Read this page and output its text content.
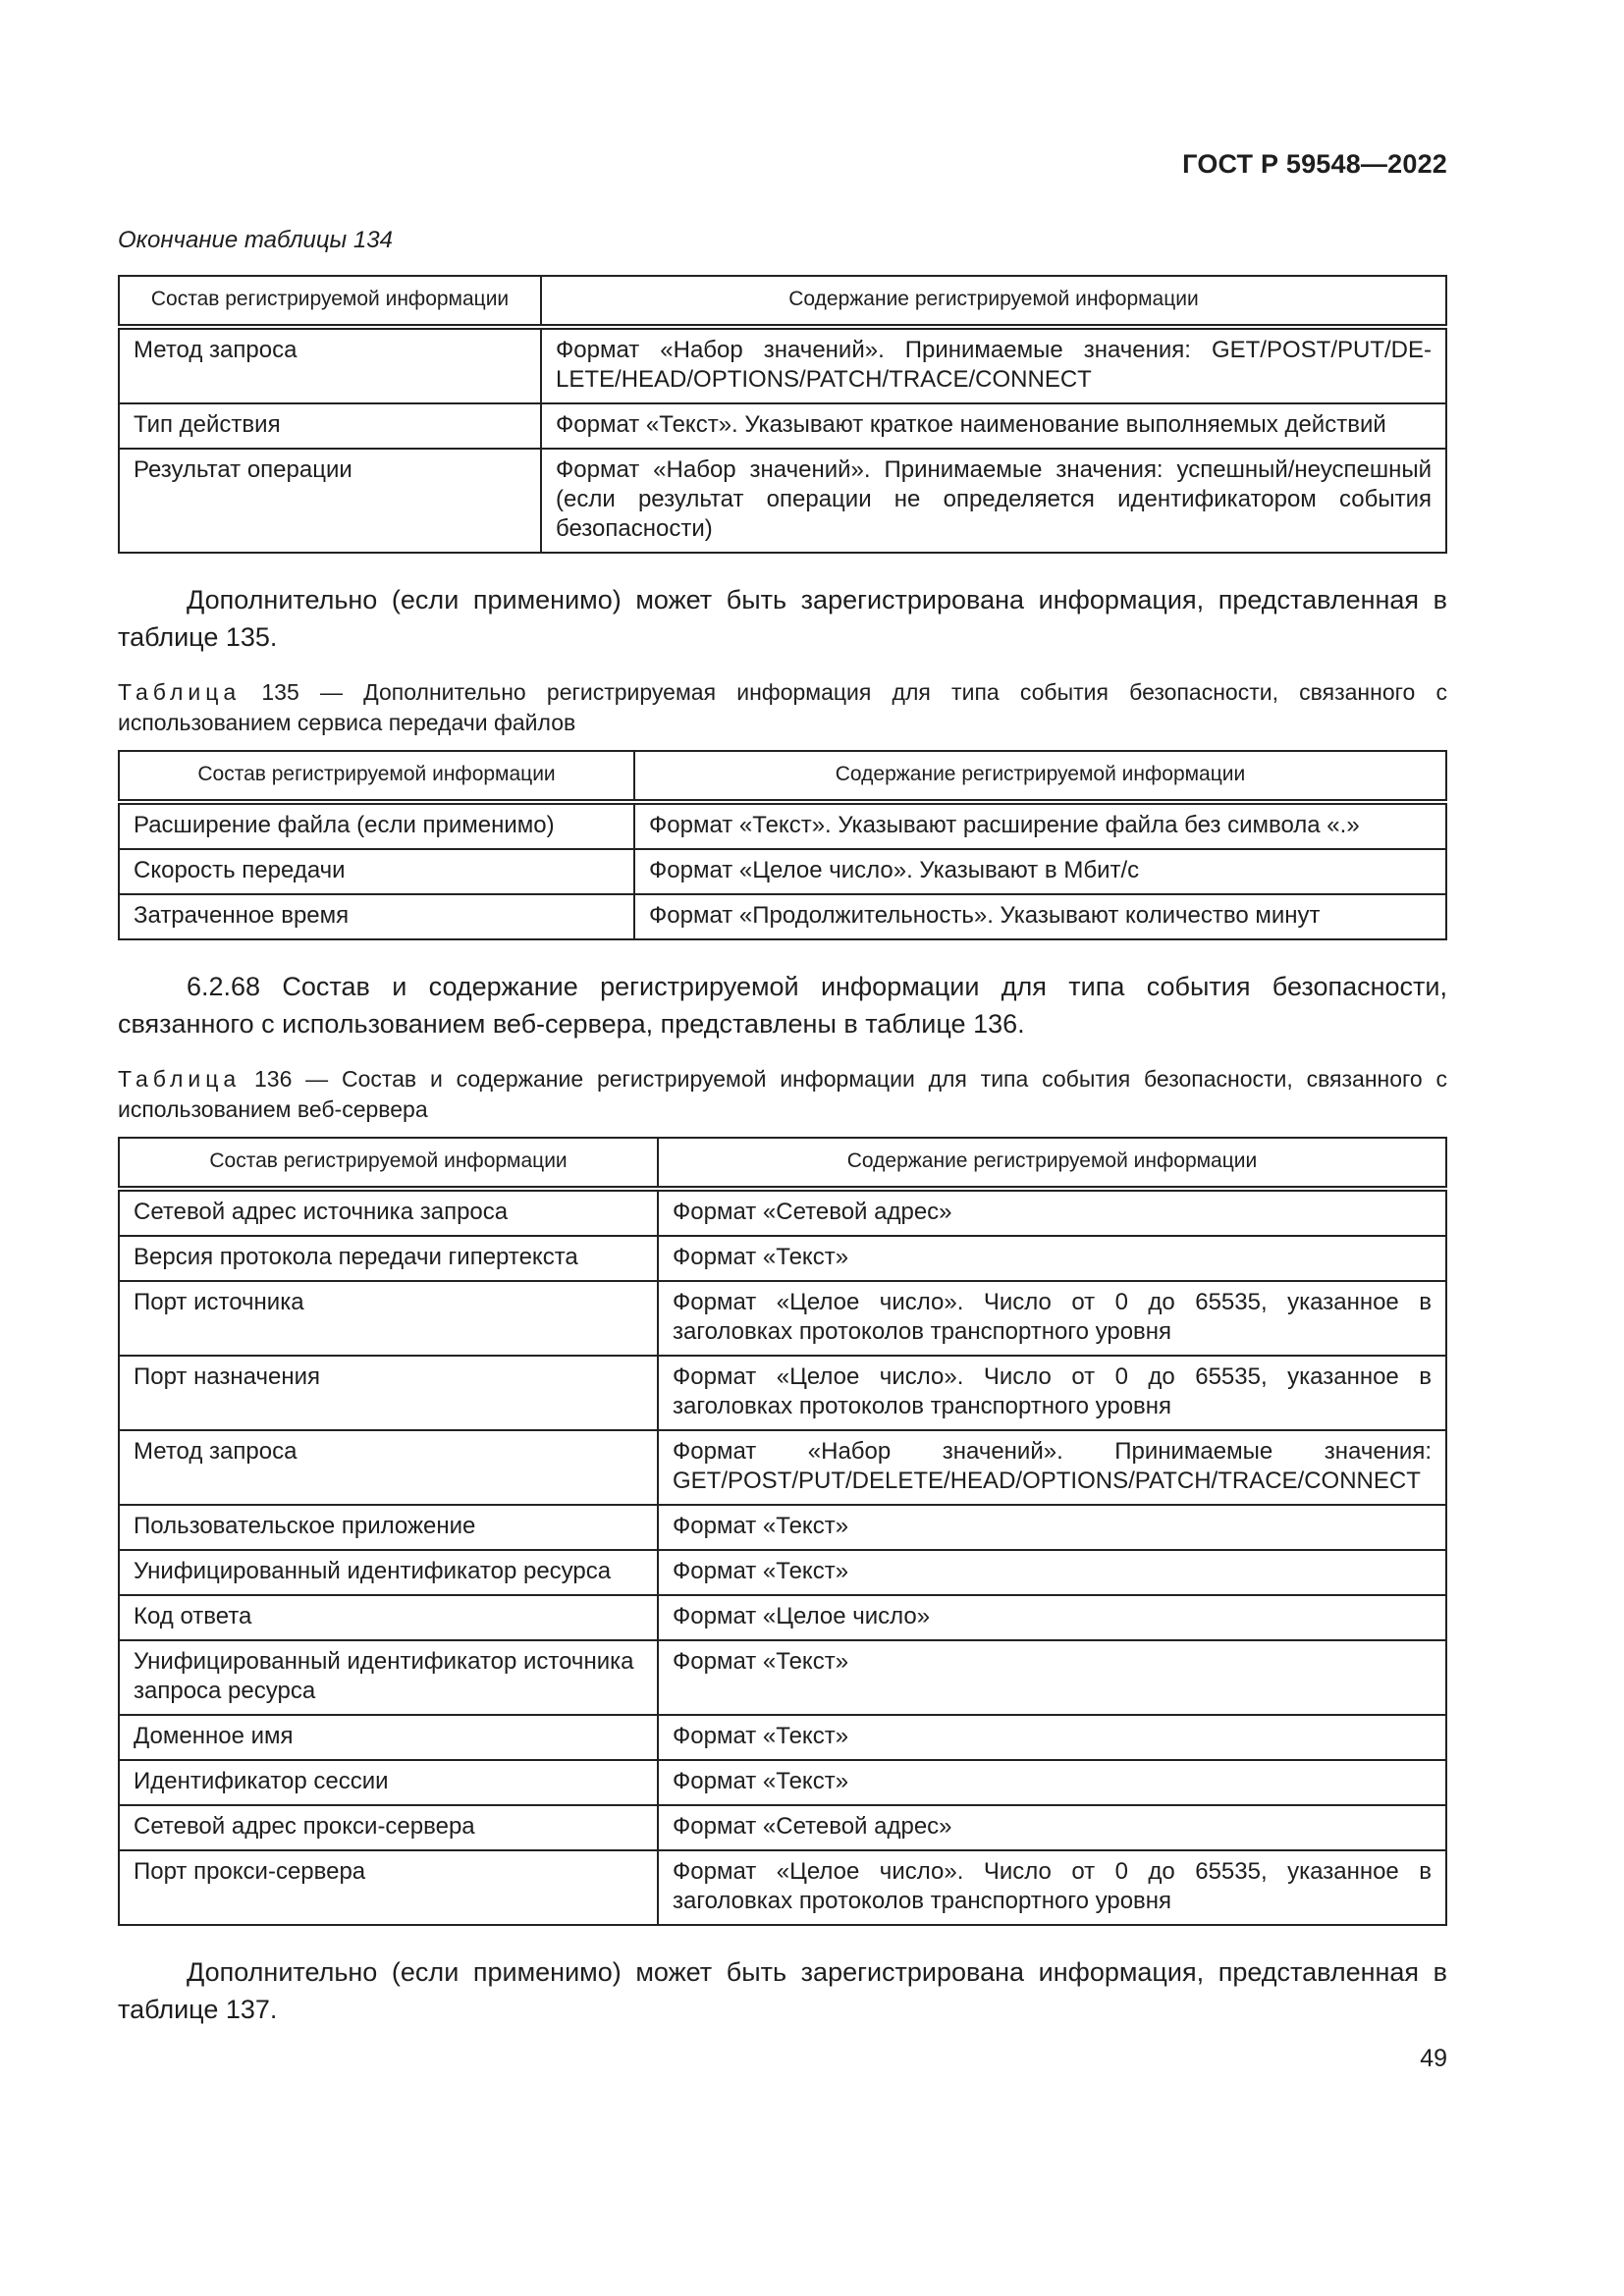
ГОСТ Р 59548—2022
Окончание таблицы 134
Состав регистрируемой информации	Содержание регистрируемой информации
Метод запроса	Формат «Набор значений». Принимаемые значения: GET/POST/PUT/DE-LETE/HEAD/OPTIONS/PATCH/TRACE/CONNECT
Тип действия	Формат «Текст». Указывают краткое наименование выполняемых действий
Результат операции	Формат «Набор значений». Принимаемые значения: успешный/неуспешный (если результат операции не определяется идентификатором события безопасности)

Дополнительно (если применимо) может быть зарегистрирована информация, представленная в таблице 135.

Таблица 135 — Дополнительно регистрируемая информация для типа события безопасности, связанного с использованием сервиса передачи файлов

Состав регистрируемой информации	Содержание регистрируемой информации
Расширение файла (если применимо)	Формат «Текст». Указывают расширение файла без символа «.»
Скорость передачи	Формат «Целое число». Указывают в Мбит/с
Затраченное время	Формат «Продолжительность». Указывают количество минут

6.2.68 Состав и содержание регистрируемой информации для типа события безопасности, связанного с использованием веб-сервера, представлены в таблице 136.

Таблица 136 — Состав и содержание регистрируемой информации для типа события безопасности, связанного с использованием веб-сервера

Состав регистрируемой информации	Содержание регистрируемой информации
Сетевой адрес источника запроса	Формат «Сетевой адрес»
Версия протокола передачи гипертекста	Формат «Текст»
Порт источника	Формат «Целое число». Число от 0 до 65535, указанное в заголовках протоколов транспортного уровня
Порт назначения	Формат «Целое число». Число от 0 до 65535, указанное в заголовках протоколов транспортного уровня
Метод запроса	Формат «Набор значений». Принимаемые значения: GET/POST/PUT/DELETE/HEAD/OPTIONS/PATCH/TRACE/CONNECT
Пользовательское приложение	Формат «Текст»
Унифицированный идентификатор ресурса	Формат «Текст»
Код ответа	Формат «Целое число»
Унифицированный идентификатор источника запроса ресурса	Формат «Текст»
Доменное имя	Формат «Текст»
Идентификатор сессии	Формат «Текст»
Сетевой адрес прокси-сервера	Формат «Сетевой адрес»
Порт прокси-сервера	Формат «Целое число». Число от 0 до 65535, указанное в заголовках протоколов транспортного уровня

Дополнительно (если применимо) может быть зарегистрирована информация, представленная в таблице 137.

49
